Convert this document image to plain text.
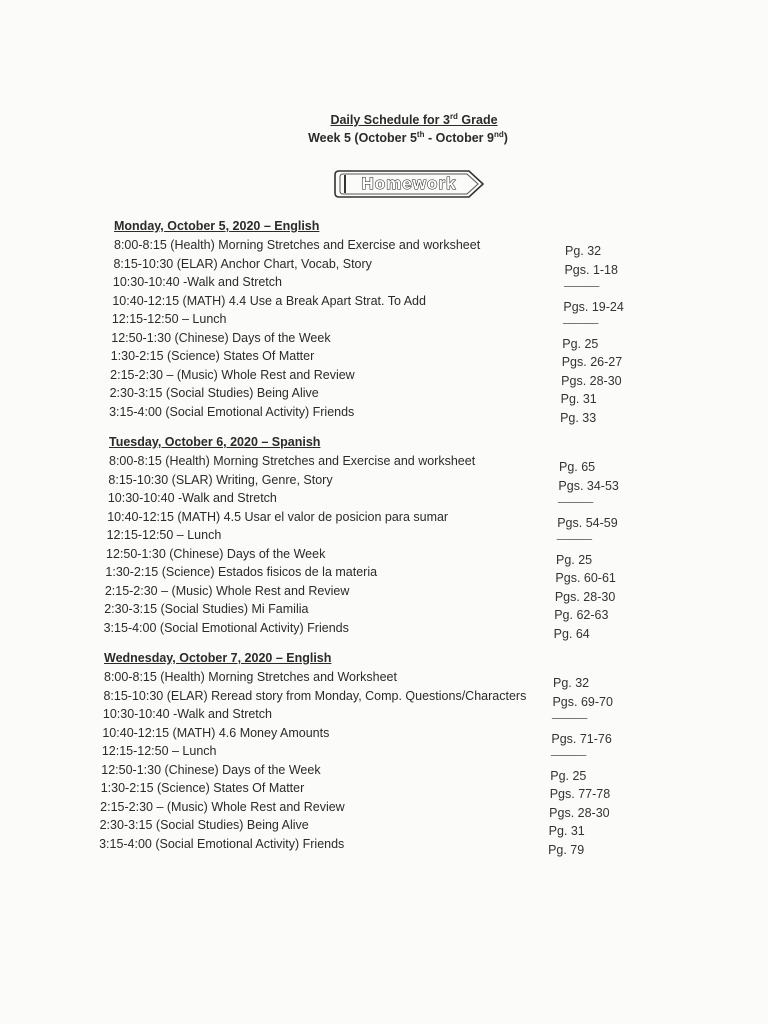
Daily Schedule for 3rd Grade
Week 5 (October 5th - October 9nd)
Homework
Monday, October 5, 2020 – English
8:00-8:15 (Health) Morning Stretches and Exercise and worksheet	Pg. 32
8:15-10:30 (ELAR) Anchor Chart, Vocab, Story	Pgs. 1-18
10:30-10:40 -Walk and Stretch	———
10:40-12:15 (MATH) 4.4 Use a Break Apart Strat. To Add	Pgs. 19-24
12:15-12:50 – Lunch	———
12:50-1:30 (Chinese) Days of the Week	Pg. 25
1:30-2:15 (Science) States Of Matter	Pgs. 26-27
2:15-2:30 – (Music) Whole Rest and Review	Pgs. 28-30
2:30-3:15 (Social Studies) Being Alive	Pg. 31
3:15-4:00 (Social Emotional Activity) Friends	Pg. 33
Tuesday, October 6, 2020 – Spanish
8:00-8:15 (Health) Morning Stretches and Exercise and worksheet	Pg. 65
8:15-10:30 (SLAR) Writing, Genre, Story	Pgs. 34-53
10:30-10:40 -Walk and Stretch	———
10:40-12:15 (MATH) 4.5 Usar el valor de posicion para sumar	Pgs. 54-59
12:15-12:50 – Lunch	———
12:50-1:30 (Chinese) Days of the Week	Pg. 25
1:30-2:15 (Science) Estados fisicos de la materia	Pgs. 60-61
2:15-2:30 – (Music) Whole Rest and Review	Pgs. 28-30
2:30-3:15 (Social Studies) Mi Familia	Pg. 62-63
3:15-4:00 (Social Emotional Activity) Friends	Pg. 64
Wednesday, October 7, 2020 – English
8:00-8:15 (Health) Morning Stretches and Worksheet	Pg. 32
8:15-10:30 (ELAR) Reread story from Monday, Comp. Questions/Characters Pgs. 69-70
10:30-10:40 -Walk and Stretch	———
10:40-12:15 (MATH) 4.6 Money Amounts	Pgs. 71-76
12:15-12:50 – Lunch	———
12:50-1:30 (Chinese) Days of the Week	Pg. 25
1:30-2:15 (Science) States Of Matter	Pgs. 77-78
2:15-2:30 – (Music) Whole Rest and Review	Pgs. 28-30
2:30-3:15 (Social Studies) Being Alive	Pg. 31
3:15-4:00 (Social Emotional Activity) Friends	Pg. 79
